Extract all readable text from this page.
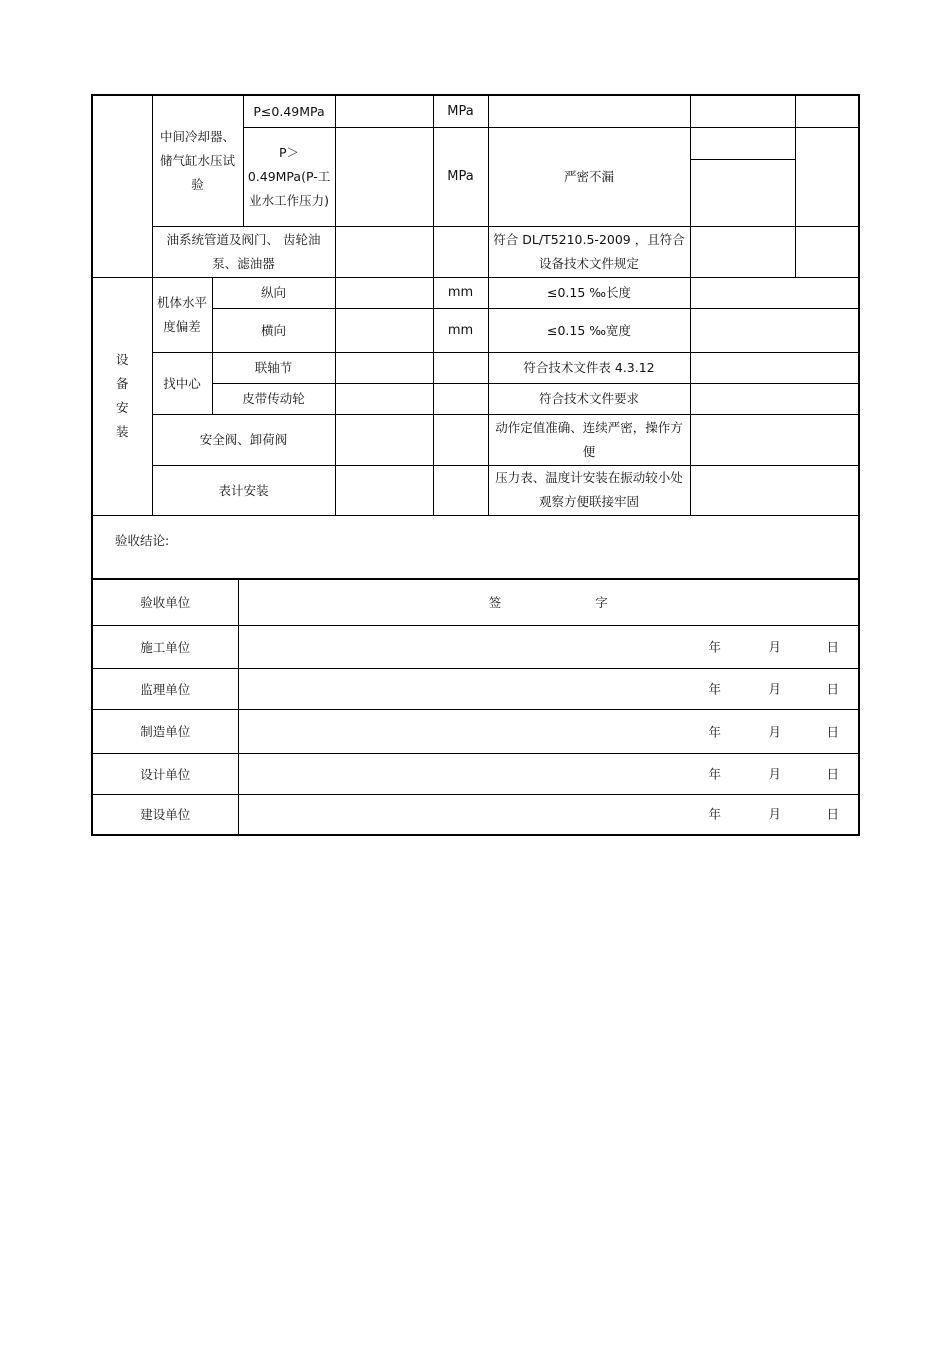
	中间冷却器、储气缸水压试验		P≤0.49MPa		MPa			
			P＞0.49MPa(P-工业水工作压力)		MPa	严密不漏		

	油系统管道及阀门、 齿轮油泵、滤油器					符合 DL/T5210.5-2009 ，且符合设备技术文件规定		
设备安装	机体水平度偏差	纵向			mm	≤0.15 ‰长度		
		横向			mm	≤0.15 ‰宽度		
	找中心	联轴节				符合技术文件表 4.3.12		
		皮带传动轮				符合技术文件要求		
	安全阀、卸荷阀					动作定值准确、连续严密，操作方便		
	表计安装					压力表、温度计安装在振动较小处观察方便联接牢固		
验收结论:								
验收单位	签 字
施工单位	年 月 日

监理单位	年 月 日

制造单位	年 月 日

设计单位	年 月 日

建设单位	年 月 日
